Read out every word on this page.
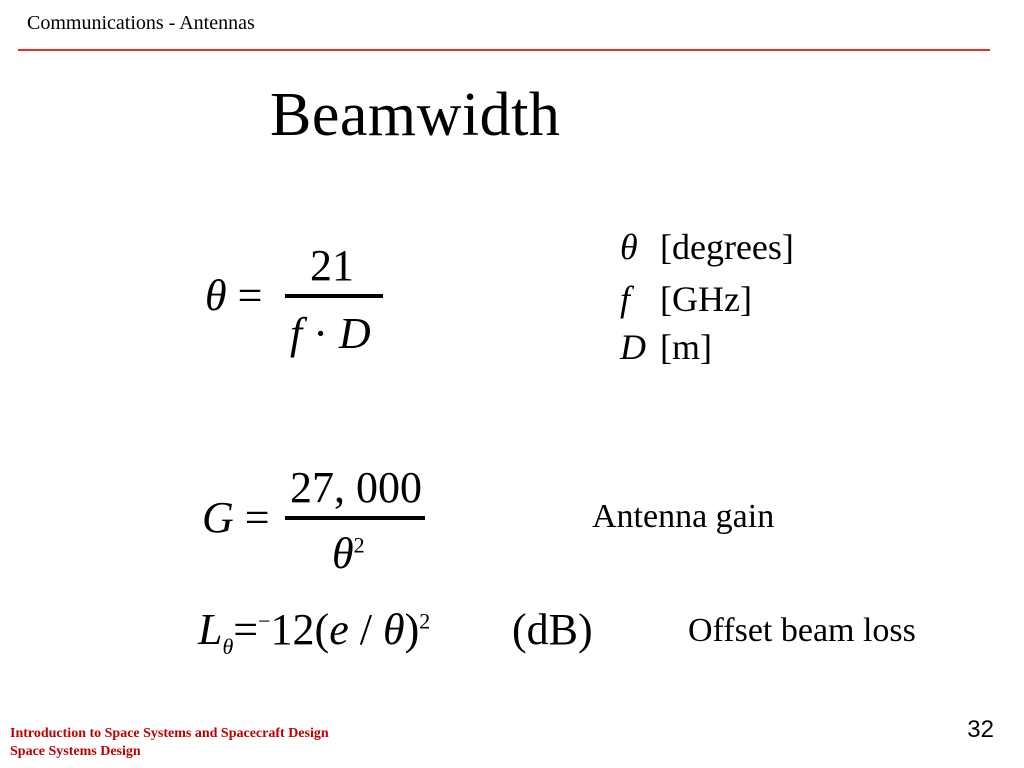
Communications - Antennas
Beamwidth
θ =
21
f · D
θ [degrees]
f [GHz]
D [m]
G =
27, 000
$\theta^2$
Antenna gain
$L_\theta=^-12(e / \theta)^2$ (dB)	Offset beam loss
Introduction to Space Systems and Spacecraft Design
Space Systems Design
32
